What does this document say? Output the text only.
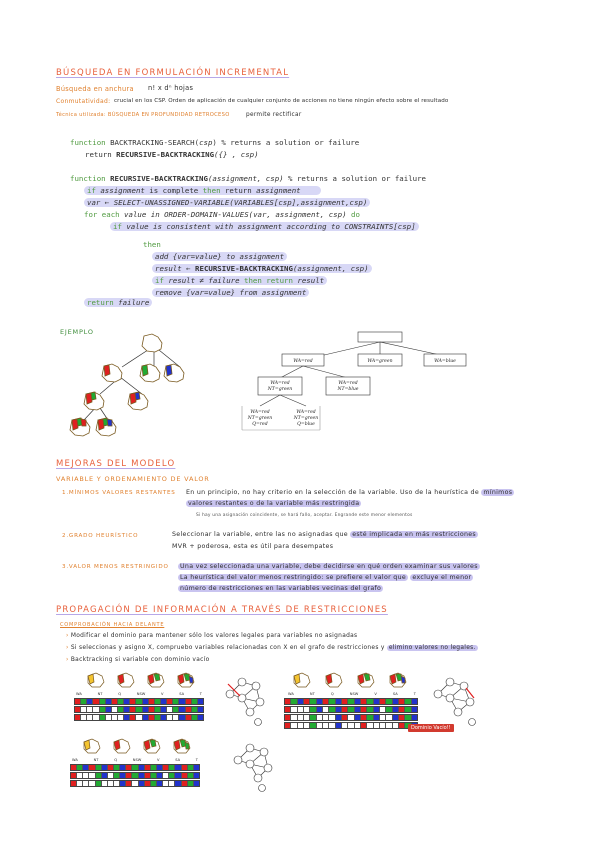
BÚSQUEDA EN FORMULACIÓN INCREMENTAL
Búsqueda en anchura n! x dⁿ hojas
Conmutatividad: crucial en los CSP. Orden de aplicación de cualquier conjunto de acciones no tiene ningún efecto sobre el resultado
Técnica utilizada: BÚSQUEDA EN PROFUNDIDAD RETROCESO	permite rectificar
function BACKTRACKING-SEARCH(csp) % returns a solution or failure
return RECURSIVE-BACKTRACKING({} , csp)
function RECURSIVE-BACKTRACKING(assignment, csp) % returns a solution or failure
if assignment is complete then return assignment
var ← SELECT-UNASSIGNED-VARIABLE(VARIABLES[csp],assignment,csp)
for each value in ORDER-DOMAIN-VALUES(var, assignment, csp) do
if value is consistent with assignment according to CONSTRAINTS[csp]
then
add {var=value} to assignment
result ← RECURSIVE-BACKTRACKING(assignment, csp)
if result ≠ failure then return result
remove {var=value} from assignment
return failure
EJEMPLO
WA=red	WA=green	WA=blue
WA=red
NT=green
WA=red
NT=blue
WA=red
NT=green
Q=red
WA=red
NT=green
Q=blue
MEJORAS DEL MODELO
VARIABLE Y ORDENAMIENTO DE VALOR
1.MÍNIMOS VALORES RESTANTES En un principio, no hay criterio en la selección de la variable. Uso de la heurística de mínimos
valores restantes o de la variable más restringida
Si hay una asignación coincidente, se hará fallo, aceptar. Engrande este menor elementos
2.GRADO HEURÍSTICO	Seleccionar la variable, entre las no asignadas que esté implicada en más restricciones
MVR + poderosa, esta es útil para desempates
3.VALOR MENOS RESTRINGIDO	Una vez seleccionada una variable, debe decidirse en qué orden examinar sus valores
La heurística del valor menos restringido: se prefiere el valor que excluye el menor
número de restricciones en las variables vecinas del grafo
PROPAGACIÓN DE INFORMACIÓN A TRAVÉS DE RESTRICCIONES
COMPROBACIÓN HACIA DELANTE
› Modificar el dominio para mantener sólo los valores legales para variables no asignadas
› Si seleccionas y asigno X, compruebo variables relacionadas con X en el grafo de restricciones y elimino valores no legales.
› Backtracking si variable con dominio vacío
WA	NT	Q	NSW	V	SA	T	WA	NT	Q	NSW	V	SA	T
Dominio Vacío!!
WA	NT	Q	NSW	V	SA	T
